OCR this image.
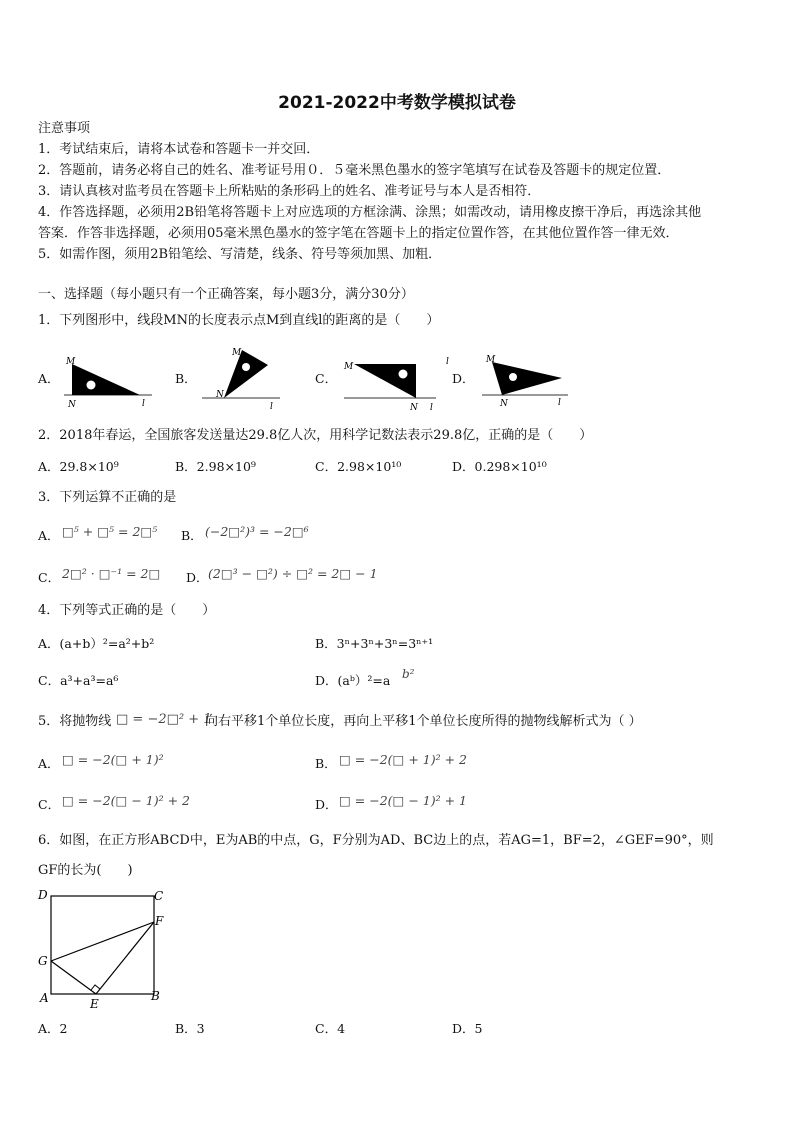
2021-2022中考数学模拟试卷
注意事项
1．考试结束后，请将本试卷和答题卡一并交回．
2．答题前，请务必将自己的姓名、准考证号用０．５毫米黑色墨水的签字笔填写在试卷及答题卡的规定位置．
3．请认真核对监考员在答题卡上所粘贴的条形码上的姓名、准考证号与本人是否相符．
4．作答选择题，必须用2B铅笔将答题卡上对应选项的方框涂满、涂黑；如需改动，请用橡皮擦干净后，再选涂其他
答案．作答非选择题，必须用05毫米黑色墨水的签字笔在答题卡上的指定位置作答，在其他位置作答一律无效．
5．如需作图，须用2B铅笔绘、写清楚，线条、符号等须加黑、加粗．
一、选择题（每小题只有一个正确答案，每小题3分，满分30分）
1．下列图形中，线段MN的长度表示点M到直线l的距离的是（　　）
A．	B．	C．	D．
M
N	l
M
N
l
M
N l
l	M
N	l
2．2018年春运，全国旅客发送量达29.8亿人次，用科学记数法表示29.8亿，正确的是（　　）
A．29.8×10⁹	B．2.98×10⁹	C．2.98×10¹⁰	D．0.298×10¹⁰
3．下列运算不正确的是
A． □⁵ + □⁵ = 2□⁵ B． (−2□²)³ = −2□⁶
C． 2□² · □⁻¹ = 2□ D． (2□³ − □²) ÷ □² = 2□ − 1
4．下列等式正确的是（　　）
A．(a+b）²=a²+b²	B．3ⁿ+3ⁿ+3ⁿ=3ⁿ⁺¹
C．a³+a³=a⁶	D．(aᵇ）²=a b²
5．将抛物线 □ = −2□² + 1
向右平移1个单位长度，再向上平移1个单位长度所得的抛物线解析式为（ ）
A． □ = −2(□ + 1)²	B． □ = −2(□ + 1)² + 2
C． □ = −2(□ − 1)² + 2	D． □ = −2(□ − 1)² + 1
6．如图，在正方形ABCD中，E为AB的中点，G，F分别为AD、BC边上的点，若AG=1，BF=2，∠GEF=90°，则
GF的长为(　　)
D	C
F
G
A	B
E
A．2	B．3	C．4	D．5
